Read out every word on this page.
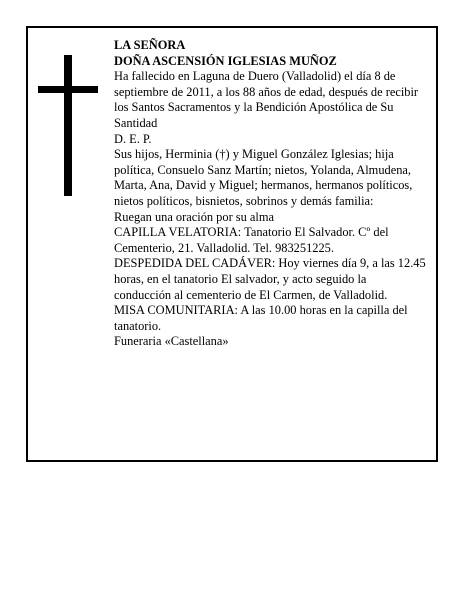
LA SEÑORA

DOÑA ASCENSIÓN IGLESIAS MUÑOZ

Ha fallecido en Laguna de Duero (Valladolid) el día 8 de septiembre de 2011, a los 88 años de edad, después de recibir los Santos Sacramentos y la Bendición Apostólica de Su Santidad

D. E. P.

Sus hijos, Herminia (†) y Miguel González Iglesias; hija política, Consuelo Sanz Martín; nietos, Yolanda, Almudena, Marta, Ana, David y Miguel; hermanos, hermanos políticos, nietos políticos, bisnietos, sobrinos y demás familia:

Ruegan una oración por su alma

CAPILLA VELATORIA: Tanatorio El Salvador. Cº del Cementerio, 21. Valladolid. Tel. 983251225.

DESPEDIDA DEL CADÁVER: Hoy viernes día 9, a las 12.45 horas, en el tanatorio El salvador, y acto seguido la conducción al cementerio de El Carmen, de Valladolid.

MISA COMUNITARIA: A las 10.00 horas en la capilla del tanatorio.

Funeraria «Castellana»
